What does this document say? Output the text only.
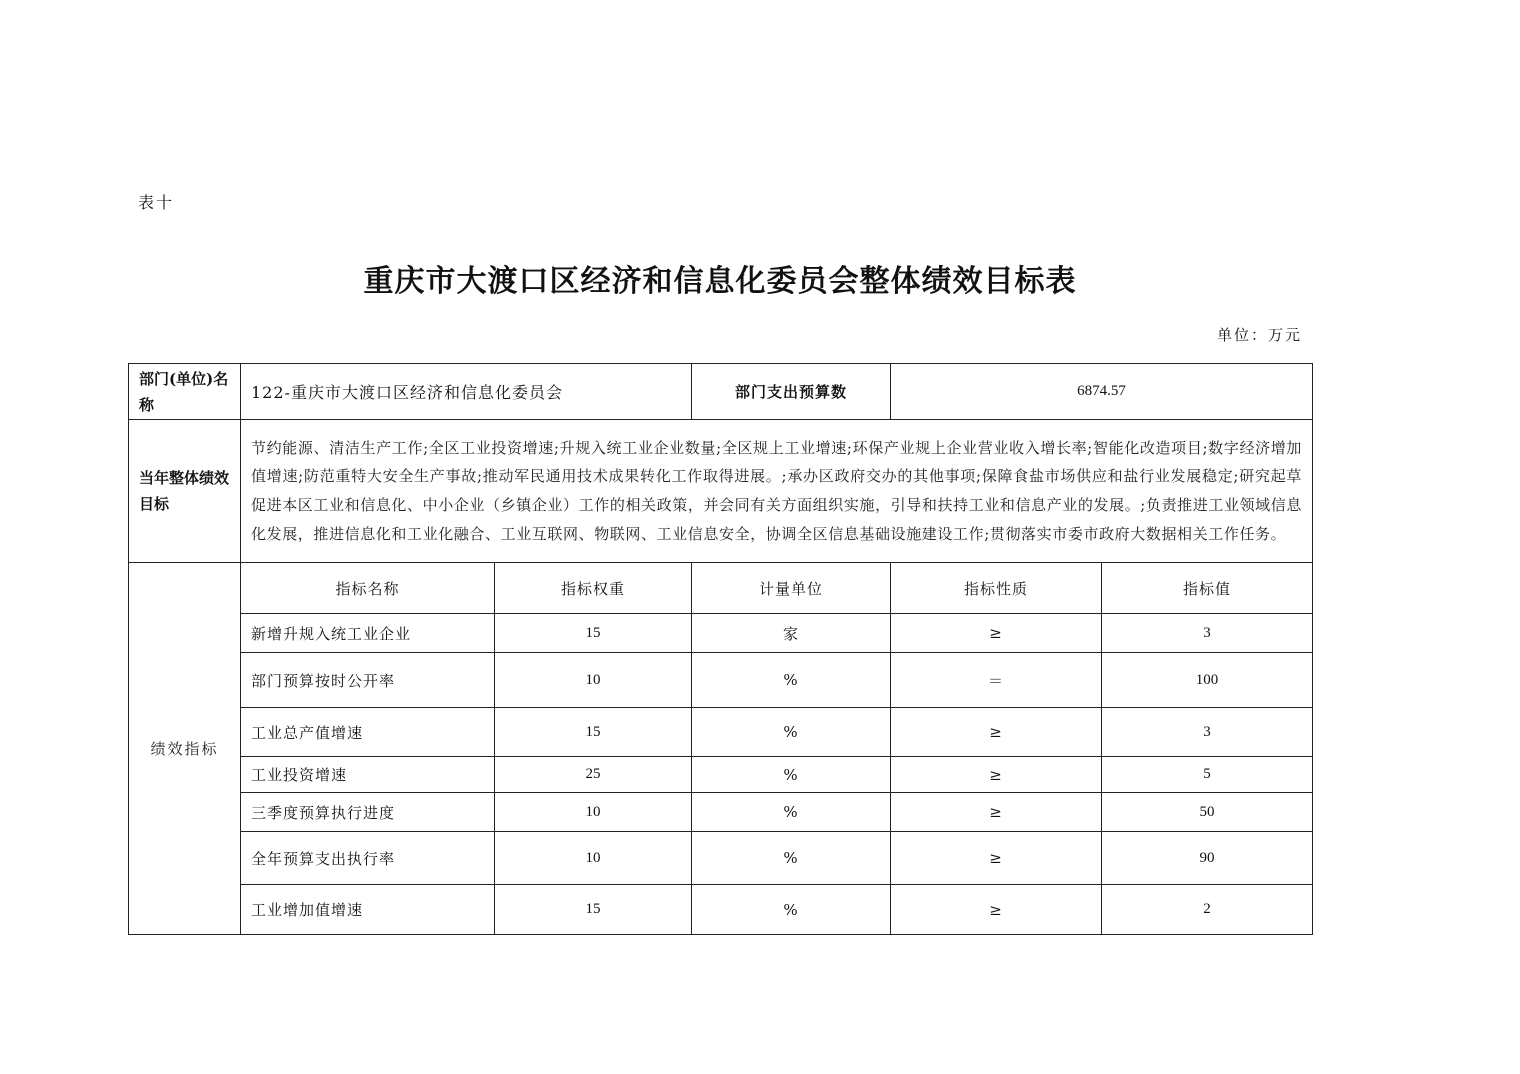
表十
重庆市大渡口区经济和信息化委员会整体绩效目标表
单位：万元
部门(单位)名称	122-重庆市大渡口区经济和信息化委员会		部门支出预算数	6874.57	
当年整体绩效目标	节约能源、清洁生产工作;全区工业投资增速;升规入统工业企业数量;全区规上工业增速;环保产业规上企业营业收入增长率;智能化改造项目;数字经济增加值增速;防范重特大安全生产事故;推动军民通用技术成果转化工作取得进展。;承办区政府交办的其他事项;保障食盐市场供应和盐行业发展稳定;研究起草促进本区工业和信息化、中小企业（乡镇企业）工作的相关政策，并会同有关方面组织实施，引导和扶持工业和信息产业的发展。;负责推进工业领域信息化发展，推进信息化和工业化融合、工业互联网、物联网、工业信息安全，协调全区信息基础设施建设工作;贯彻落实市委市政府大数据相关工作任务。				
绩效指标	指标名称	指标权重	计量单位	指标性质	指标值
	新增升规入统工业企业	15	家	≥	3
	部门预算按时公开率	10	%	＝	100
	工业总产值增速	15	%	≥	3
	工业投资增速	25	%	≥	5
	三季度预算执行进度	10	%	≥	50
	全年预算支出执行率	10	%	≥	90
	工业增加值增速	15	%	≥	2
